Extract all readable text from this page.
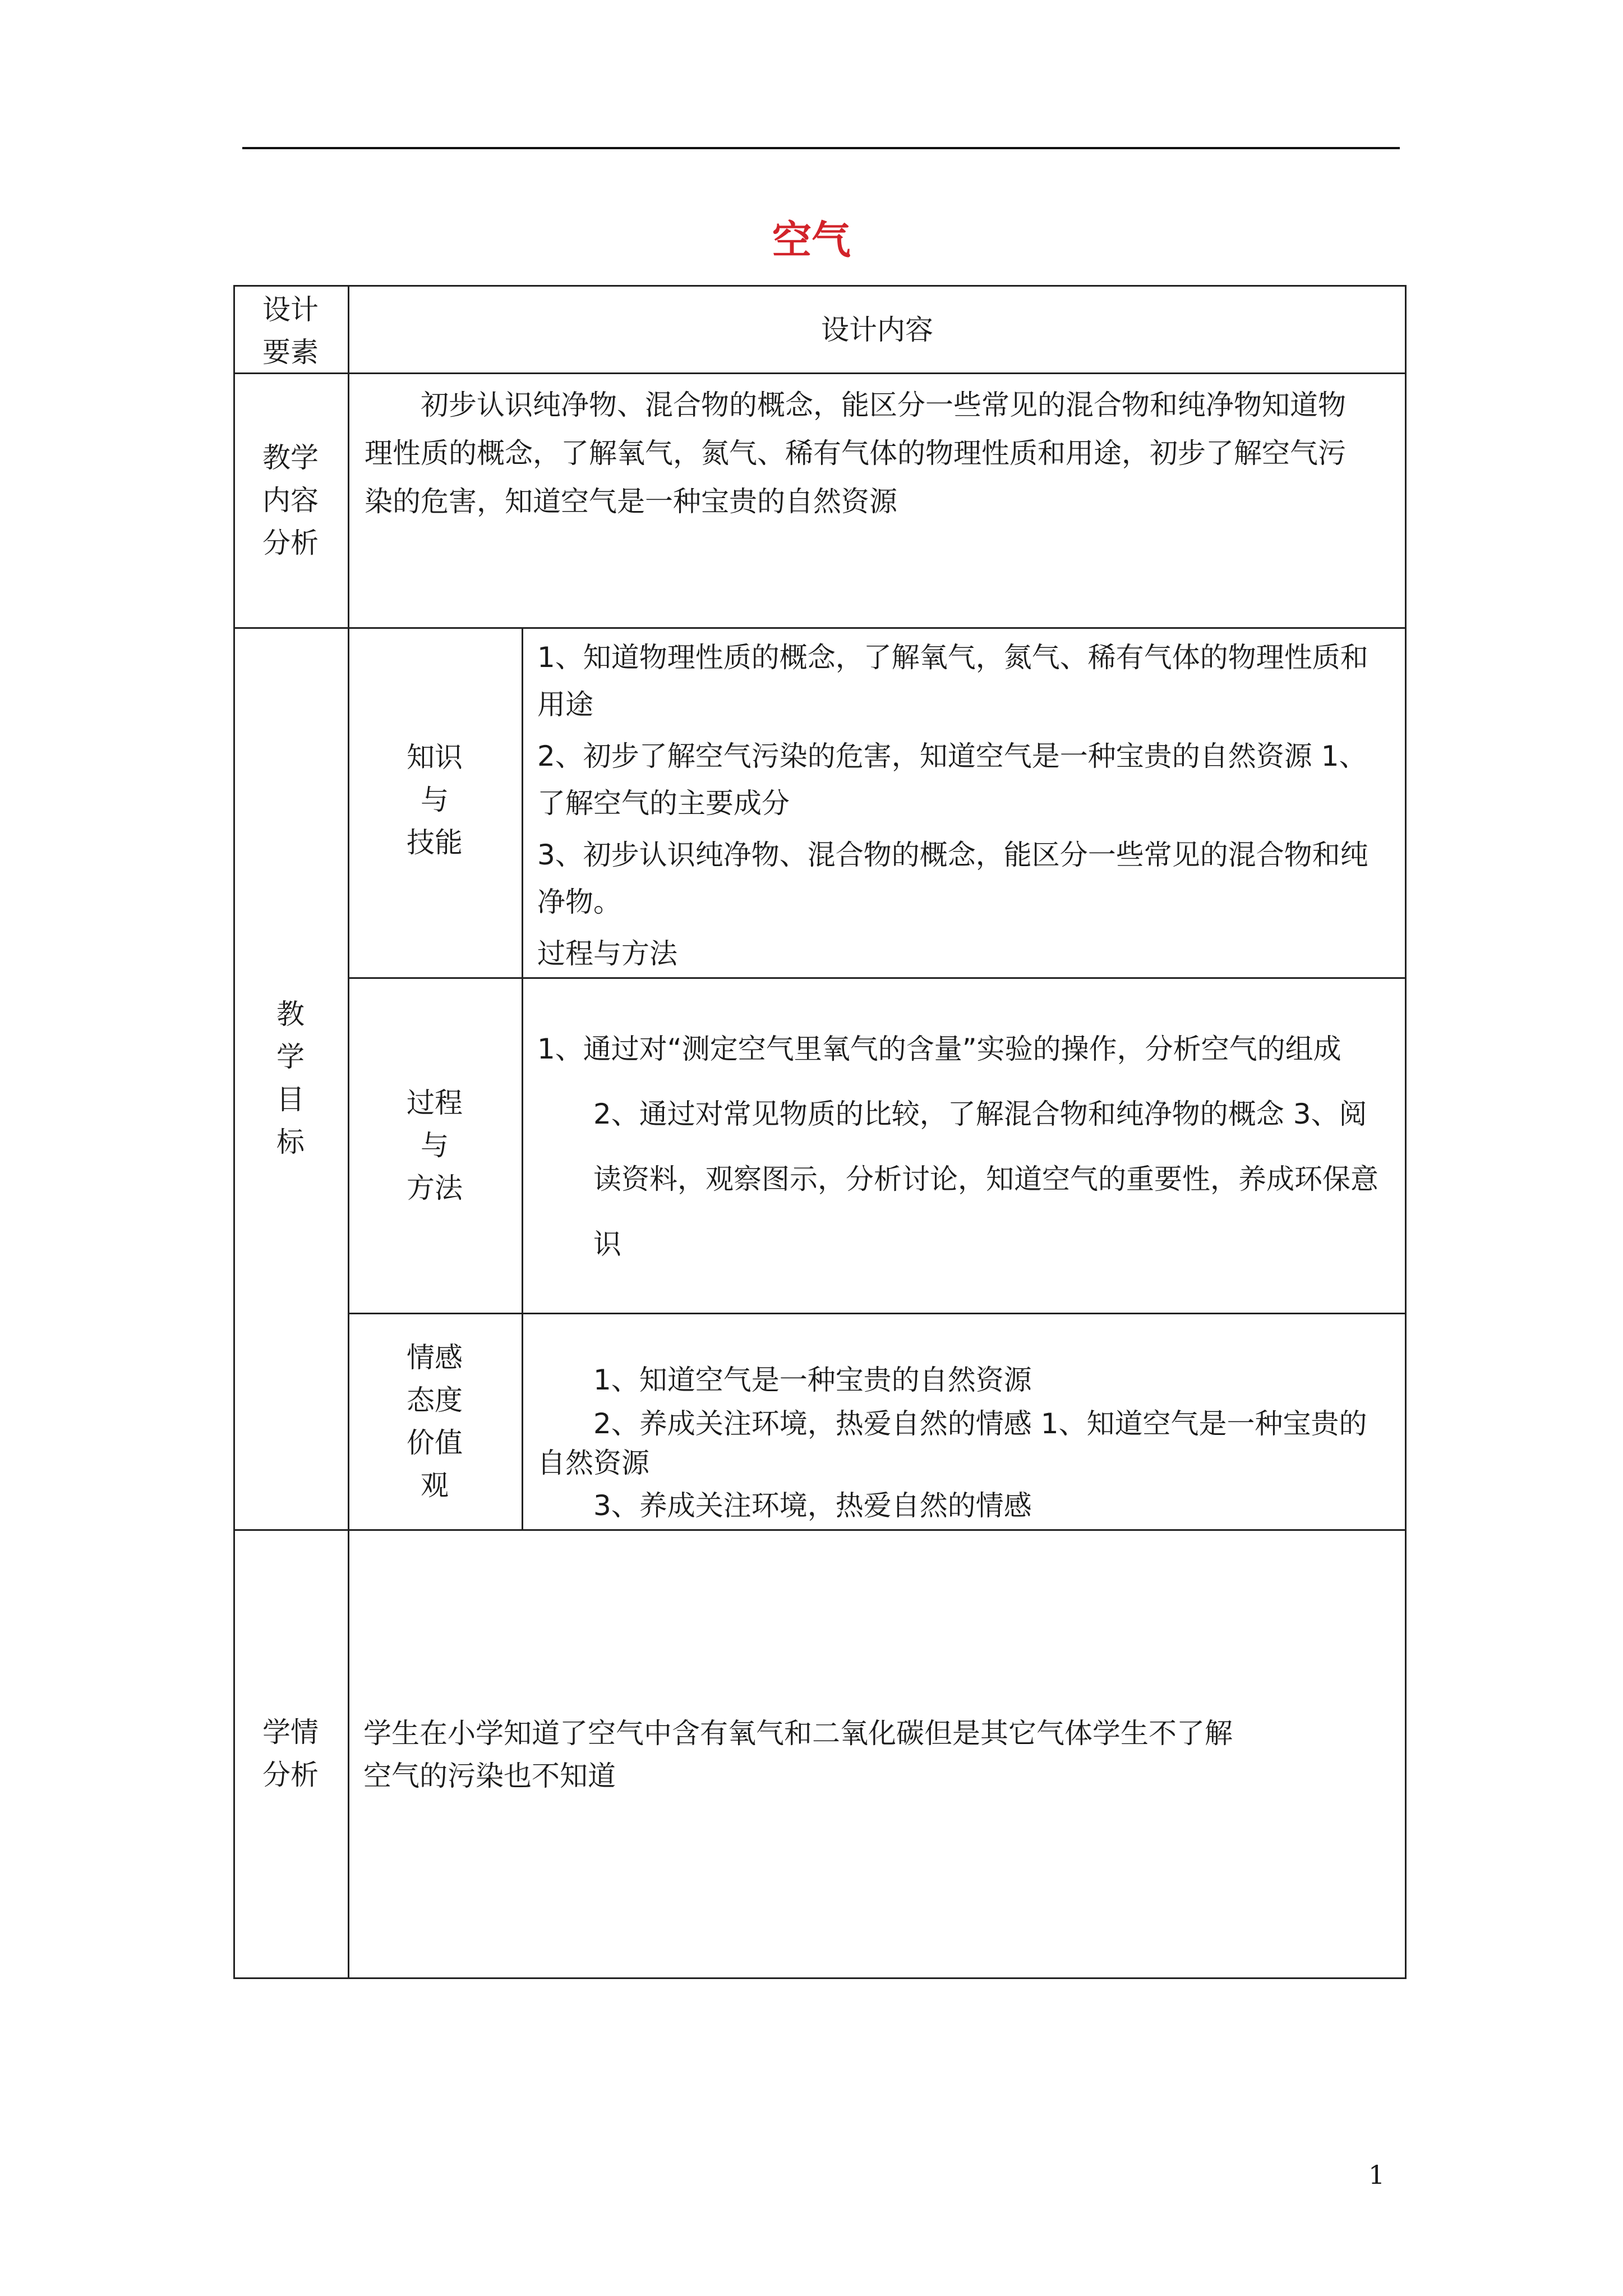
空气
设计
要素
设计内容
教学
内容
分析
初步认识纯净物、混合物的概念，能区分一些常见的混合物和纯净物知道物
理性质的概念，了解氧气，氮气、稀有气体的物理性质和用途，初步了解空气污
染的危害，知道空气是一种宝贵的自然资源
教
学
目
标
知识
与
技能
1、知道物理性质的概念，了解氧气，氮气、稀有气体的物理性质和
用途
2、初步了解空气污染的危害，知道空气是一种宝贵的自然资源 1、
了解空气的主要成分
3、初步认识纯净物、混合物的概念，能区分一些常见的混合物和纯
净物。
过程与方法
过程
与
方法
1、通过对“测定空气里氧气的含量”实验的操作，分析空气的组成
2、通过对常见物质的比较，了解混合物和纯净物的概念 3、阅
读资料，观察图示，分析讨论，知道空气的重要性，养成环保意
识
情感
态度
价值
观
1、知道空气是一种宝贵的自然资源
2、养成关注环境，热爱自然的情感 1、知道空气是一种宝贵的
自然资源
3、养成关注环境，热爱自然的情感
学情
分析
学生在小学知道了空气中含有氧气和二氧化碳但是其它气体学生不了解
空气的污染也不知道
1
